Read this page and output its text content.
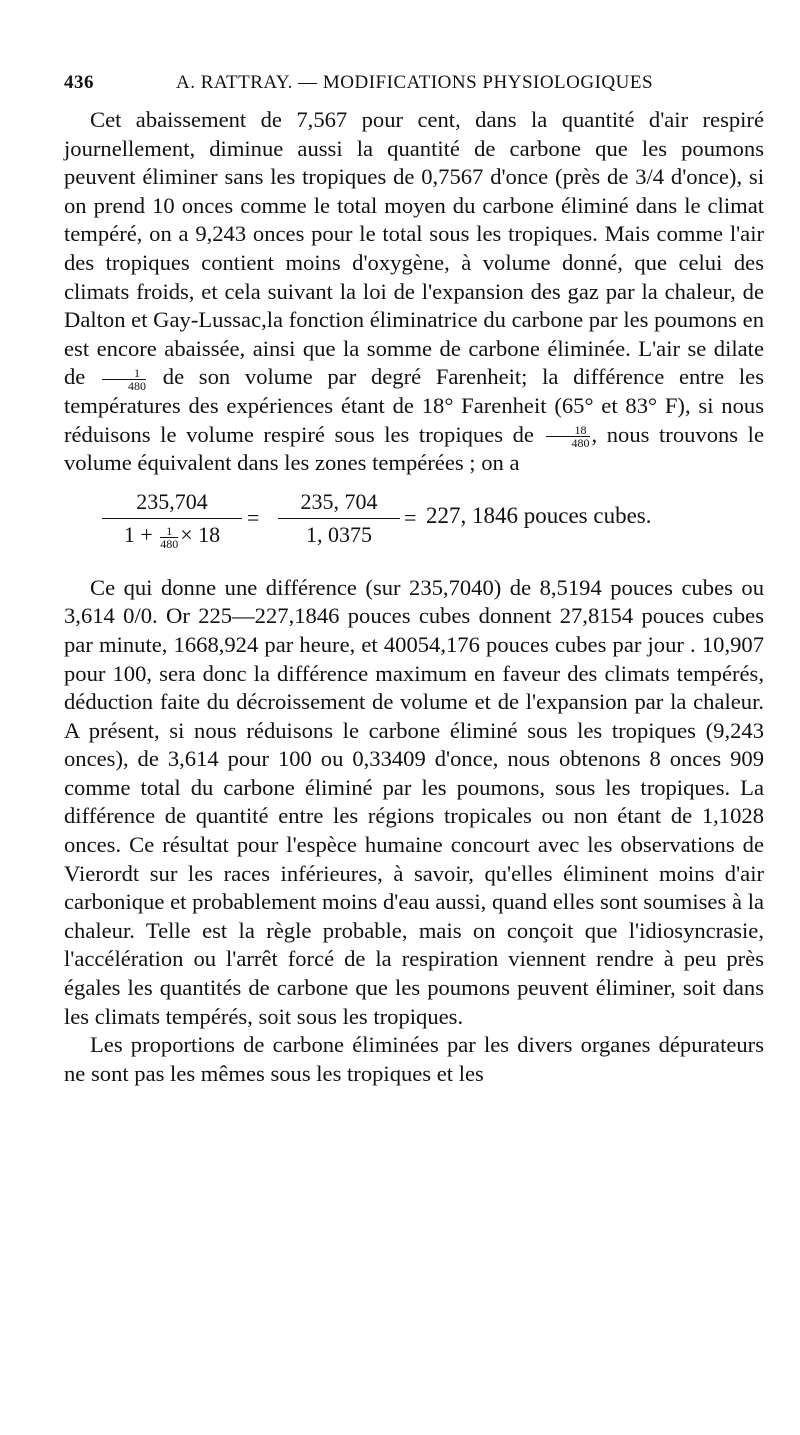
436	A. RATTRAY. — MODIFICATIONS PHYSIOLOGIQUES

Cet abaissement de 7,567 pour cent, dans la quantité d'air respiré journellement, diminue aussi la quantité de carbone que les poumons peuvent éliminer sans les tropiques de 0,7567 d'once (près de 3/4 d'once), si on prend 10 onces comme le total moyen du carbone éliminé dans le climat tempéré, on a 9,243 onces pour le total sous les tropiques. Mais comme l'air des tropiques contient moins d'oxygène, à volume donné, que celui des climats froids, et cela suivant la loi de l'expansion des gaz par la chaleur, de Dalton et Gay-Lussac,la fonction éliminatrice du carbone par les poumons en est encore abaissée, ainsi que la somme de carbone éliminée. L'air se dilate de $\frac{1}{480}$ de son volume par degré Farenheit; la différence entre les températures des expériences étant de 18° Farenheit (65° et 83° F), si nous réduisons le volume respiré sous les tropiques de $\frac{18}{480}$ , nous trouvons le volume équivalent dans les zones tempérées ; on a

$\frac{235,704}{1 + \frac{1}{480} \times 18} = \frac{235, 704}{1, 0375} = 227$, 1846 pouces cubes.

Ce qui donne une différence (sur 235,7040) de 8,5194 pouces cubes ou 3,614 0/0. Or 225—227,1846 pouces cubes donnent 27,8154 pouces cubes par minute, 1668,924 par heure, et 40054,176 pouces cubes par jour . 10,907 pour 100, sera donc la différence maximum en faveur des climats tempérés, déduction faite du décroissement de volume et de l'expansion par la chaleur. A présent, si nous réduisons le carbone éliminé sous les tropiques (9,243 onces), de 3,614 pour 100 ou 0,33409 d'once, nous obtenons 8 onces 909 comme total du carbone éliminé par les poumons, sous les tropiques. La différence de quantité entre les régions tropicales ou non étant de 1,1028 onces. Ce résultat pour l'espèce humaine concourt avec les observations de Vierordt sur les races inférieures, à savoir, qu'elles éliminent moins d'air carbonique et probablement moins d'eau aussi, quand elles sont soumises à la chaleur. Telle est la règle probable, mais on conçoit que l'idiosyncrasie, l'accélération ou l'arrêt forcé de la respiration viennent rendre à peu près égales les quantités de carbone que les poumons peuvent éliminer, soit dans les climats tempérés, soit sous les tropiques.

Les proportions de carbone éliminées par les divers organes dépurateurs ne sont pas les mêmes sous les tropiques et les
